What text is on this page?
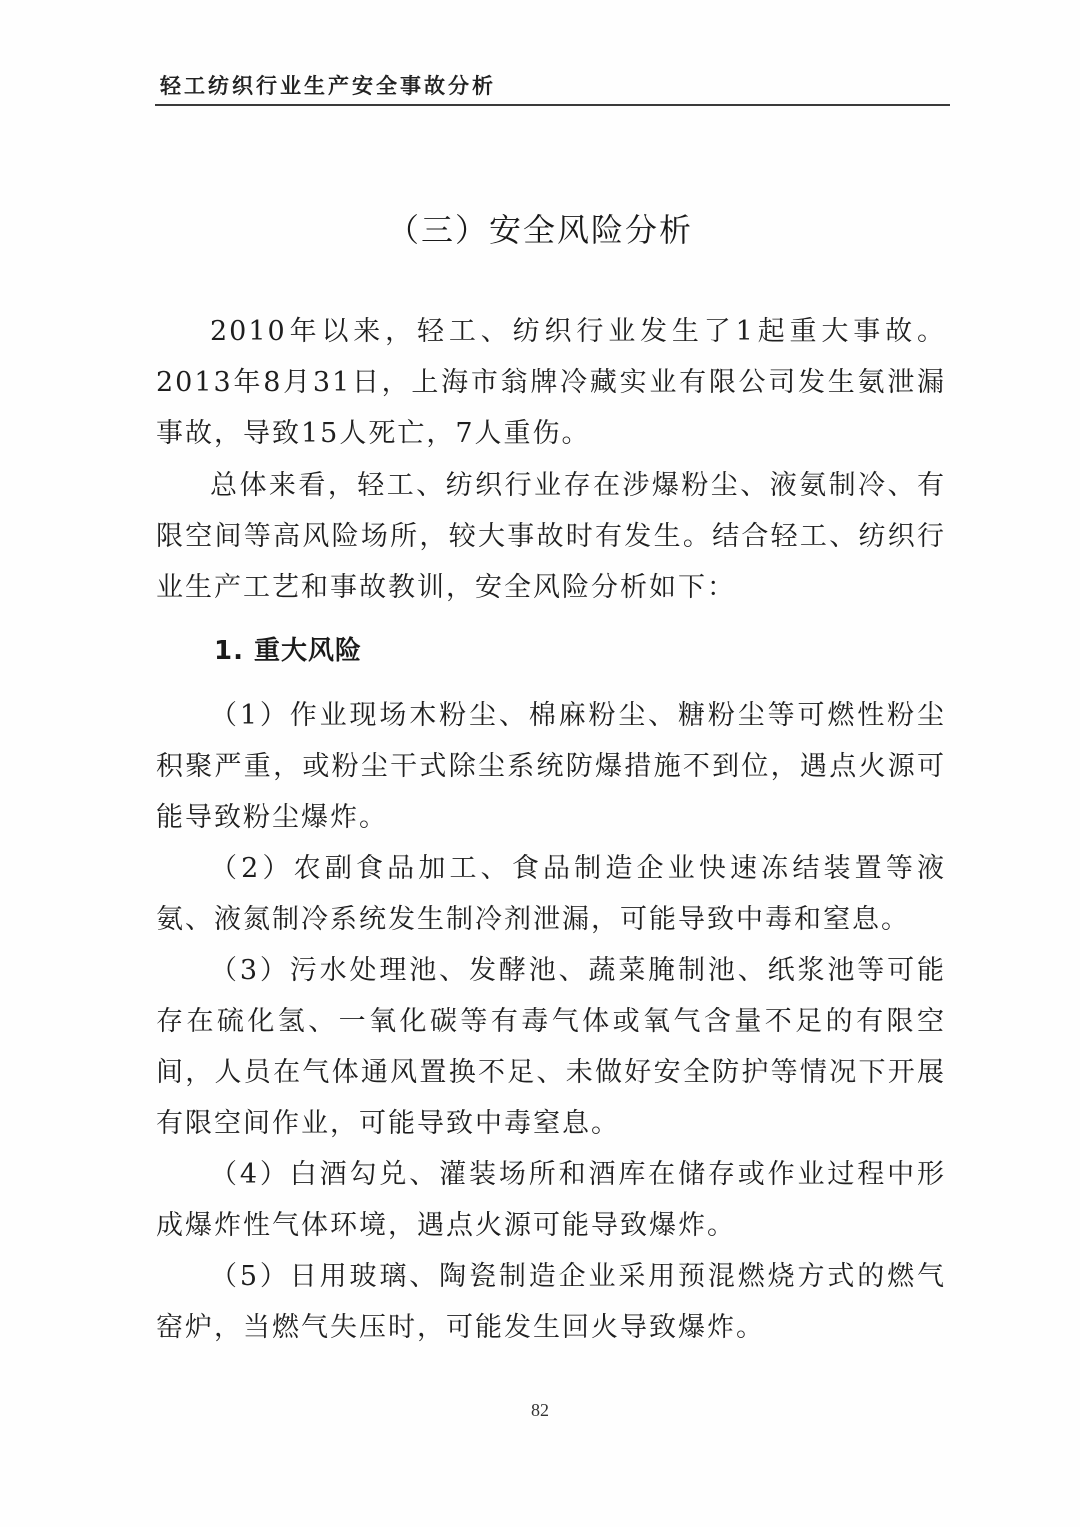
轻工纺织行业生产安全事故分析
（三）安全风险分析

2010年以来，轻工、纺织行业发生了1起重大事故。2013年8月31日，上海市翁牌冷藏实业有限公司发生氨泄漏事故，导致15人死亡，7人重伤。

总体来看，轻工、纺织行业存在涉爆粉尘、液氨制冷、有限空间等高风险场所，较大事故时有发生。结合轻工、纺织行业生产工艺和事故教训，安全风险分析如下：

1. 重大风险

（1）作业现场木粉尘、棉麻粉尘、糖粉尘等可燃性粉尘积聚严重，或粉尘干式除尘系统防爆措施不到位，遇点火源可能导致粉尘爆炸。

（2）农副食品加工、食品制造企业快速冻结装置等液氨、液氮制冷系统发生制冷剂泄漏，可能导致中毒和窒息。

（3）污水处理池、发酵池、蔬菜腌制池、纸浆池等可能存在硫化氢、一氧化碳等有毒气体或氧气含量不足的有限空间，人员在气体通风置换不足、未做好安全防护等情况下开展有限空间作业，可能导致中毒窒息。

（4）白酒勾兑、灌装场所和酒库在储存或作业过程中形成爆炸性气体环境，遇点火源可能导致爆炸。

（5）日用玻璃、陶瓷制造企业采用预混燃烧方式的燃气窑炉，当燃气失压时，可能发生回火导致爆炸。

82
